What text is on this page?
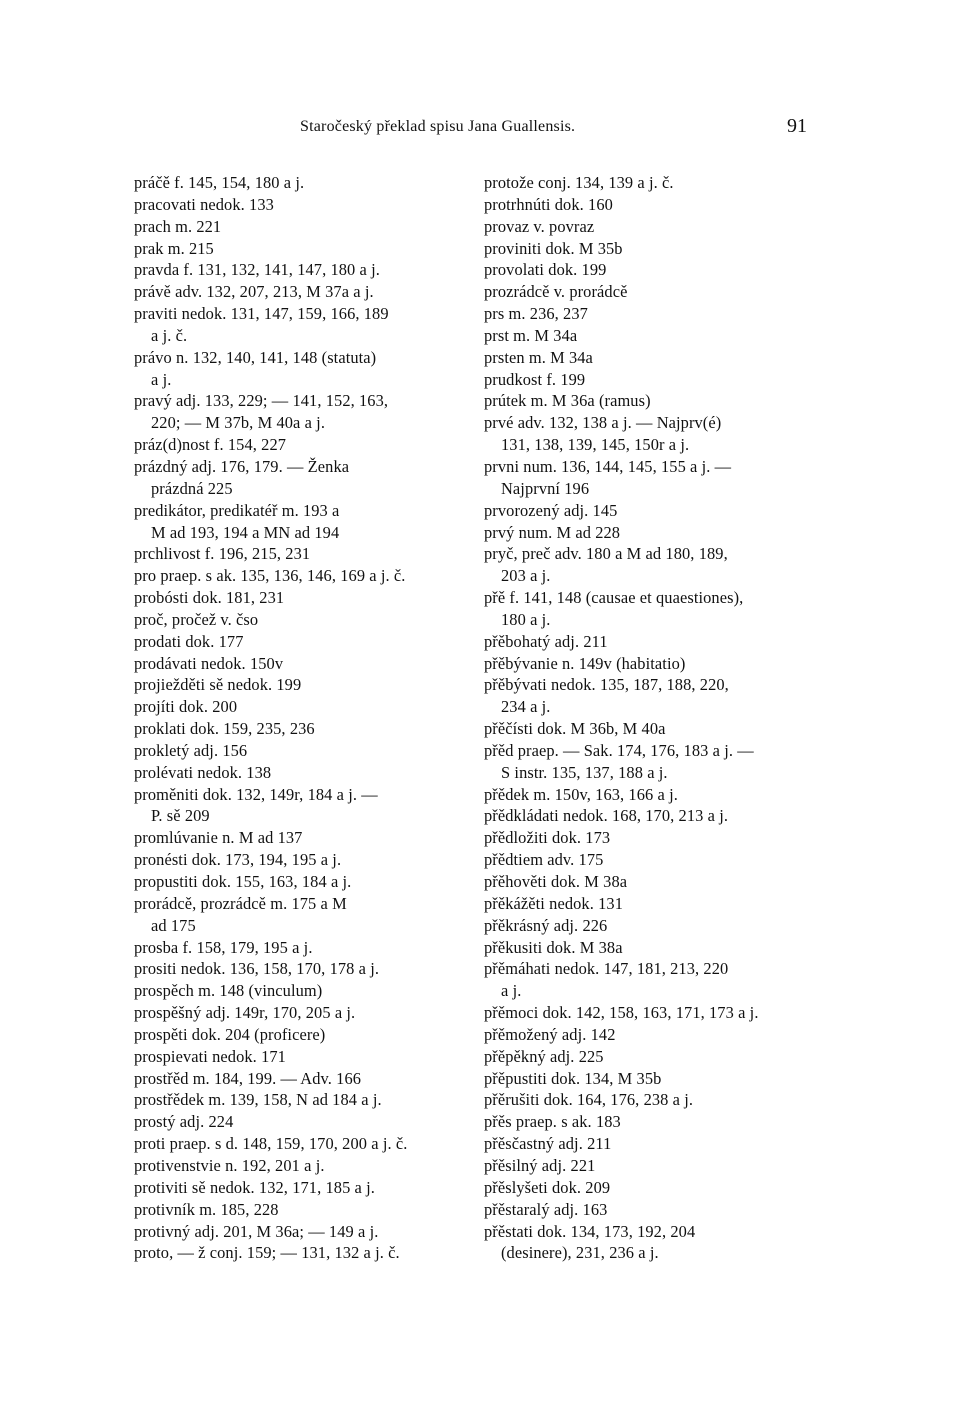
Staročeský překlad spisu Jana Guallensis.	91
práčě f. 145, 154, 180 a j.
pracovati nedok. 133
prach m. 221
prak m. 215
pravda f. 131, 132, 141, 147, 180 a j.
právě adv. 132, 207, 213, M 37a a j.
praviti nedok. 131, 147, 159, 166, 189
a j. č.
právo n. 132, 140, 141, 148 (statuta)
a j.
pravý adj. 133, 229; — 141, 152, 163,
220; — M 37b, M 40a a j.
práz(d)nost f. 154, 227
prázdný adj. 176, 179. — Ženka
prázdná 225
predikátor, predikatéř m. 193 a
M ad 193, 194 a MN ad 194
prchlivost f. 196, 215, 231
pro praep. s ak. 135, 136, 146, 169 a j. č.
probósti dok. 181, 231
proč, pročež v. čso
prodati dok. 177
prodávati nedok. 150v
projiežděti sě nedok. 199
projíti dok. 200
proklati dok. 159, 235, 236
prokletý adj. 156
prolévati nedok. 138
proměniti dok. 132, 149r, 184 a j. —
P. sě 209
promlúvanie n. M ad 137
pronésti dok. 173, 194, 195 a j.
propustiti dok. 155, 163, 184 a j.
prorádcě, prozrádcě m. 175 a M
ad 175
prosba f. 158, 179, 195 a j.
prositi nedok. 136, 158, 170, 178 a j.
prospěch m. 148 (vinculum)
prospěšný adj. 149r, 170, 205 a j.
prospěti dok. 204 (proficere)
prospievati nedok. 171
prostřěd m. 184, 199. — Adv. 166
prostřědek m. 139, 158, N ad 184 a j.
prostý adj. 224
proti praep. s d. 148, 159, 170, 200 a j. č.
protivenstvie n. 192, 201 a j.
protiviti sě nedok. 132, 171, 185 a j.
protivník m. 185, 228
protivný adj. 201, M 36a; — 149 a j.
proto, — ž conj. 159; — 131, 132 a j. č.
protože conj. 134, 139 a j. č.
protrhnúti dok. 160
provaz v. povraz
proviniti dok. M 35b
provolati dok. 199
prozrádcě v. prorádcě
prs m. 236, 237
prst m. M 34a
prsten m. M 34a
prudkost f. 199
prútek m. M 36a (ramus)
prvé adv. 132, 138 a j. — Najprv(é)
131, 138, 139, 145, 150r a j.
prvni num. 136, 144, 145, 155 a j. —
Najprvní 196
prvorozený adj. 145
prvý num. M ad 228
pryč, preč adv. 180 a M ad 180, 189,
203 a j.
přě f. 141, 148 (causae et quaestiones),
180 a j.
přěbohatý adj. 211
přěbývanie n. 149v (habitatio)
přěbývati nedok. 135, 187, 188, 220,
234 a j.
přěčísti dok. M 36b, M 40a
přěd praep. — Sak. 174, 176, 183 a j. —
S instr. 135, 137, 188 a j.
přědek m. 150v, 163, 166 a j.
přědkládati nedok. 168, 170, 213 a j.
přědložiti dok. 173
přědtiem adv. 175
přěhověti dok. M 38a
přěkážěti nedok. 131
přěkrásný adj. 226
přěkusiti dok. M 38a
přěmáhati nedok. 147, 181, 213, 220
a j.
přěmoci dok. 142, 158, 163, 171, 173 a j.
přěmožený adj. 142
přěpěkný adj. 225
přěpustiti dok. 134, M 35b
přěrušiti dok. 164, 176, 238 a j.
přěs praep. s ak. 183
přěsčastný adj. 211
přěsilný adj. 221
přěslyšeti dok. 209
přěstaralý adj. 163
přěstati dok. 134, 173, 192, 204
(desinere), 231, 236 a j.
